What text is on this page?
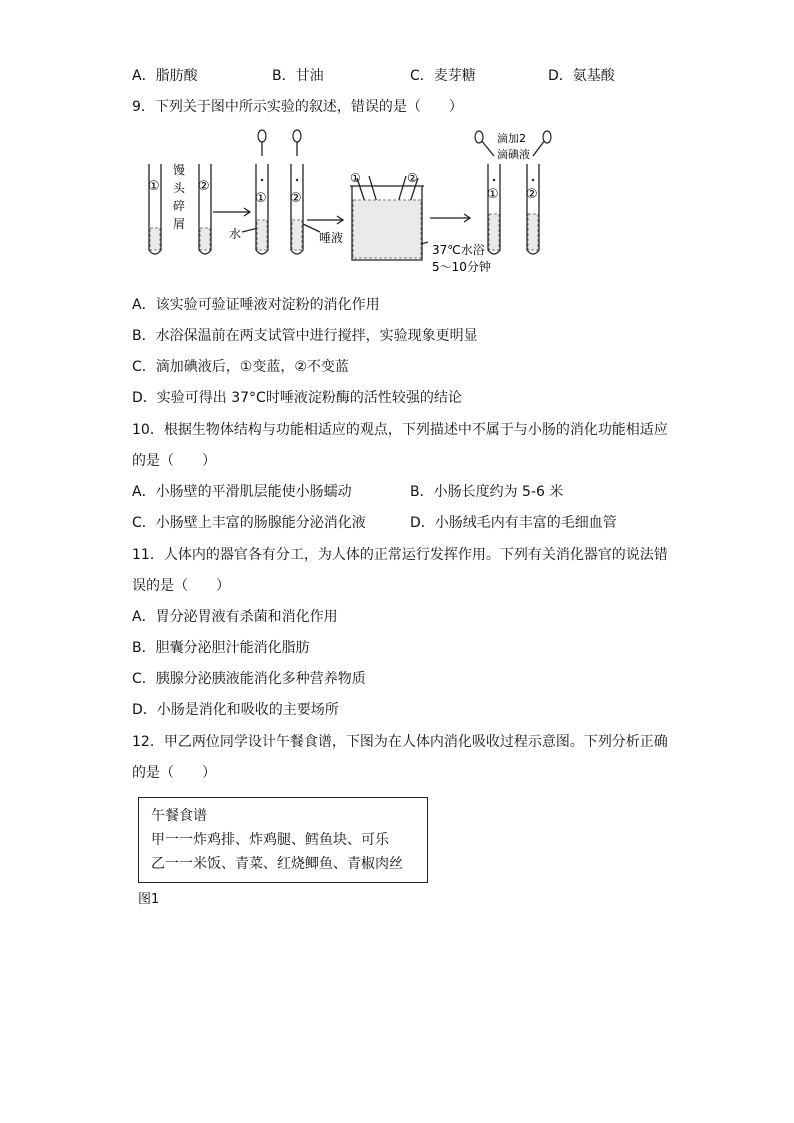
A．脂肪酸	B．甘油	C．麦芽糖	D．氨基酸
9．下列关于图中所示实验的叙述，错误的是（　　）
①	②
① ②
①	②
① ②
馒
头
碎
屑
水	唾液
37℃水浴
5～10分钟
滴加2
滴碘液
A．该实验可验证唾液对淀粉的消化作用
B．水浴保温前在两支试管中进行搅拌，实验现象更明显
C．滴加碘液后，①变蓝，②不变蓝
D．实验可得出 37°C时唾液淀粉酶的活性较强的结论
10．根据生物体结构与功能相适应的观点，下列描述中不属于与小肠的消化功能相适应
的是（　　）
A．小肠壁的平滑肌层能使小肠蠕动	B．小肠长度约为 5-6 米
C．小肠壁上丰富的肠腺能分泌消化液	D．小肠绒毛内有丰富的毛细血管
11．人体内的器官各有分工，为人体的正常运行发挥作用。下列有关消化器官的说法错
误的是（　　）
A．胃分泌胃液有杀菌和消化作用
B．胆囊分泌胆汁能消化脂肪
C．胰腺分泌胰液能消化多种营养物质
D．小肠是消化和吸收的主要场所
12．甲乙两位同学设计午餐食谱，下图为在人体内消化吸收过程示意图。下列分析正确
的是（　　）
午餐食谱
甲一一炸鸡排、炸鸡腿、鳕鱼块、可乐
乙一一米饭、青菜、红烧鲫鱼、青椒肉丝
图1
